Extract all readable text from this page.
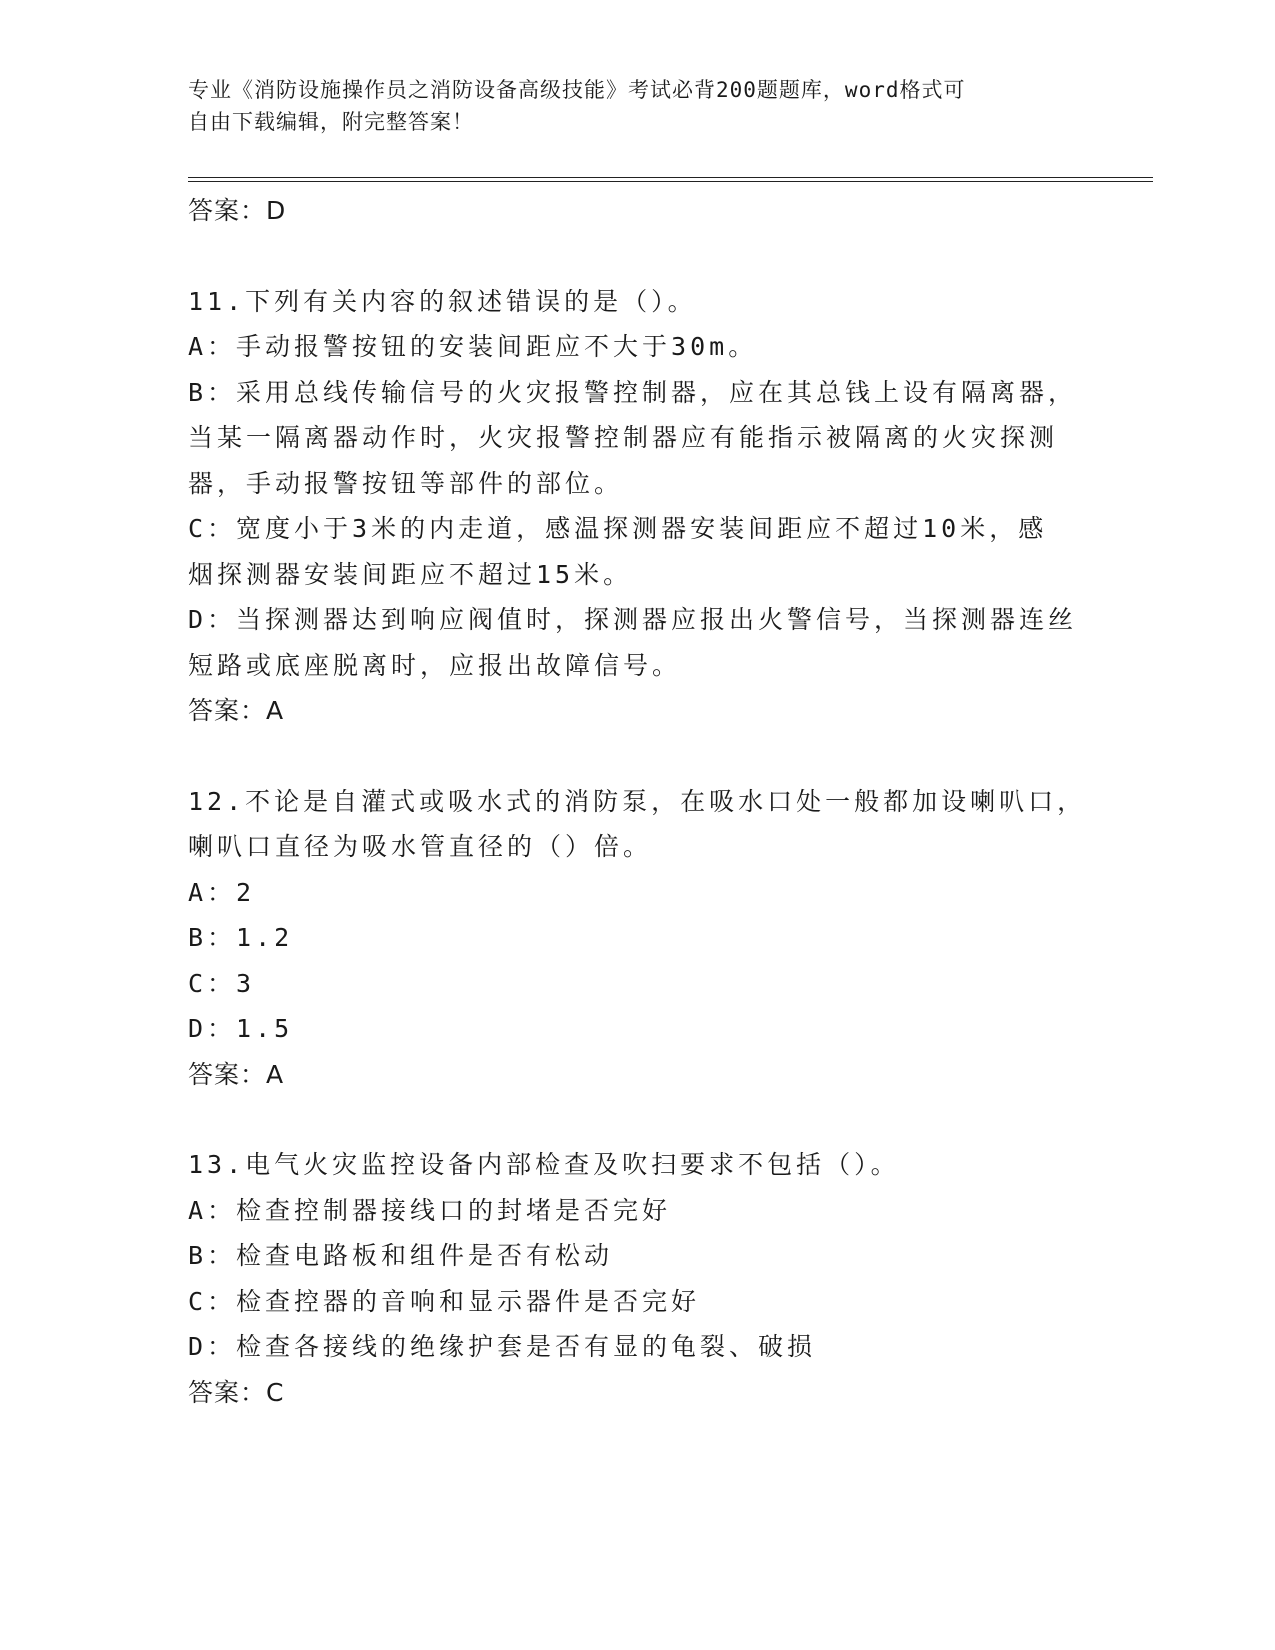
专业《消防设施操作员之消防设备高级技能》考试必背200题题库，word格式可
自由下载编辑，附完整答案！
答案：D
11.下列有关内容的叙述错误的是（）。
A：手动报警按钮的安装间距应不大于30m。
B：采用总线传输信号的火灾报警控制器，应在其总钱上设有隔离器，
当某一隔离器动作时，火灾报警控制器应有能指示被隔离的火灾探测
器，手动报警按钮等部件的部位。
C：宽度小于3米的内走道，感温探测器安装间距应不超过10米，感
烟探测器安装间距应不超过15米。
D：当探测器达到响应阀值时，探测器应报出火警信号，当探测器连丝
短路或底座脱离时，应报出故障信号。
答案：A
12.不论是自灌式或吸水式的消防泵，在吸水口处一般都加设喇叭口，
喇叭口直径为吸水管直径的（）倍。
A：2
B：1.2
C：3
D：1.5
答案：A
13.电气火灾监控设备内部检查及吹扫要求不包括（）。
A：检查控制器接线口的封堵是否完好
B：检查电路板和组件是否有松动
C：检查控器的音响和显示器件是否完好
D：检查各接线的绝缘护套是否有显的龟裂、破损
答案：C
